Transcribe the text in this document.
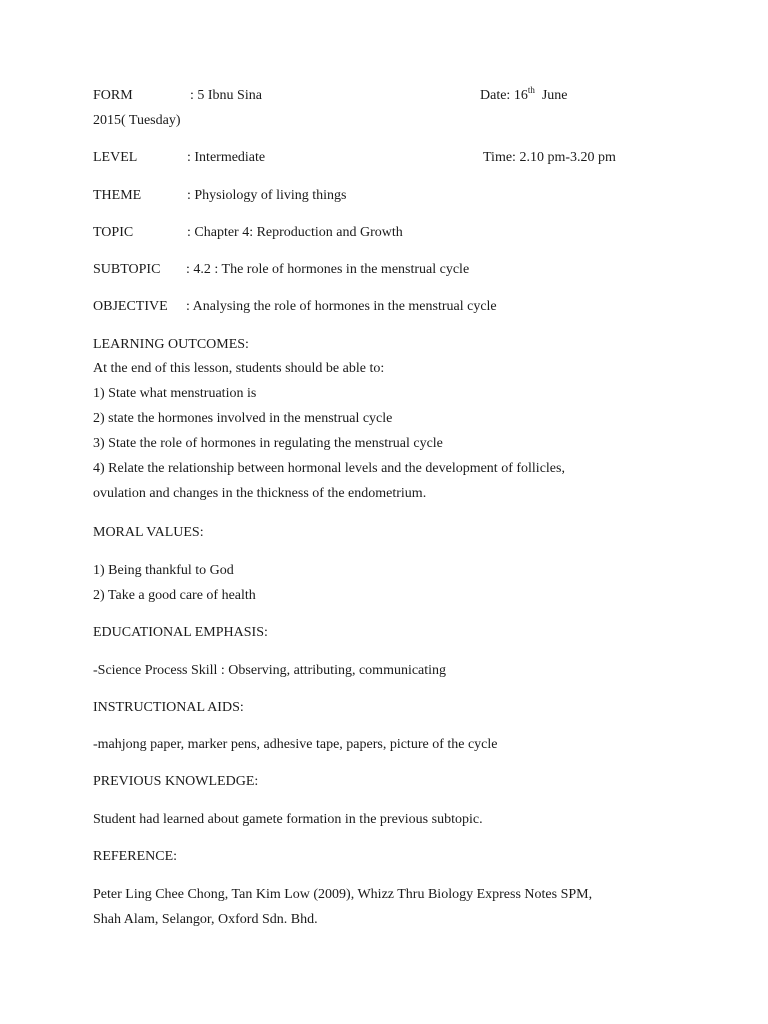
FORM	: 5 Ibnu Sina	Date: 16th June
2015( Tuesday)
LEVEL	: Intermediate	Time: 2.10 pm-3.20 pm
THEME	: Physiology of living things
TOPIC	: Chapter 4: Reproduction and Growth
SUBTOPIC : 4.2 : The role of hormones in the menstrual cycle
OBJECTIVE : Analysing the role of hormones in the menstrual cycle
LEARNING OUTCOMES:
At the end of this lesson, students should be able to:
1) State what menstruation is
2) state the hormones involved in the menstrual cycle
3) State the role of hormones in regulating the menstrual cycle
4) Relate the relationship between hormonal levels and the development of follicles,
ovulation and changes in the thickness of the endometrium.
MORAL VALUES:
1) Being thankful to God
2) Take a good care of health
EDUCATIONAL EMPHASIS:
-Science Process Skill : Observing, attributing, communicating
INSTRUCTIONAL AIDS:
-mahjong paper, marker pens, adhesive tape, papers, picture of the cycle
PREVIOUS KNOWLEDGE:
Student had learned about gamete formation in the previous subtopic.
REFERENCE:
Peter Ling Chee Chong, Tan Kim Low (2009), Whizz Thru Biology Express Notes SPM,
Shah Alam, Selangor, Oxford Sdn. Bhd.
